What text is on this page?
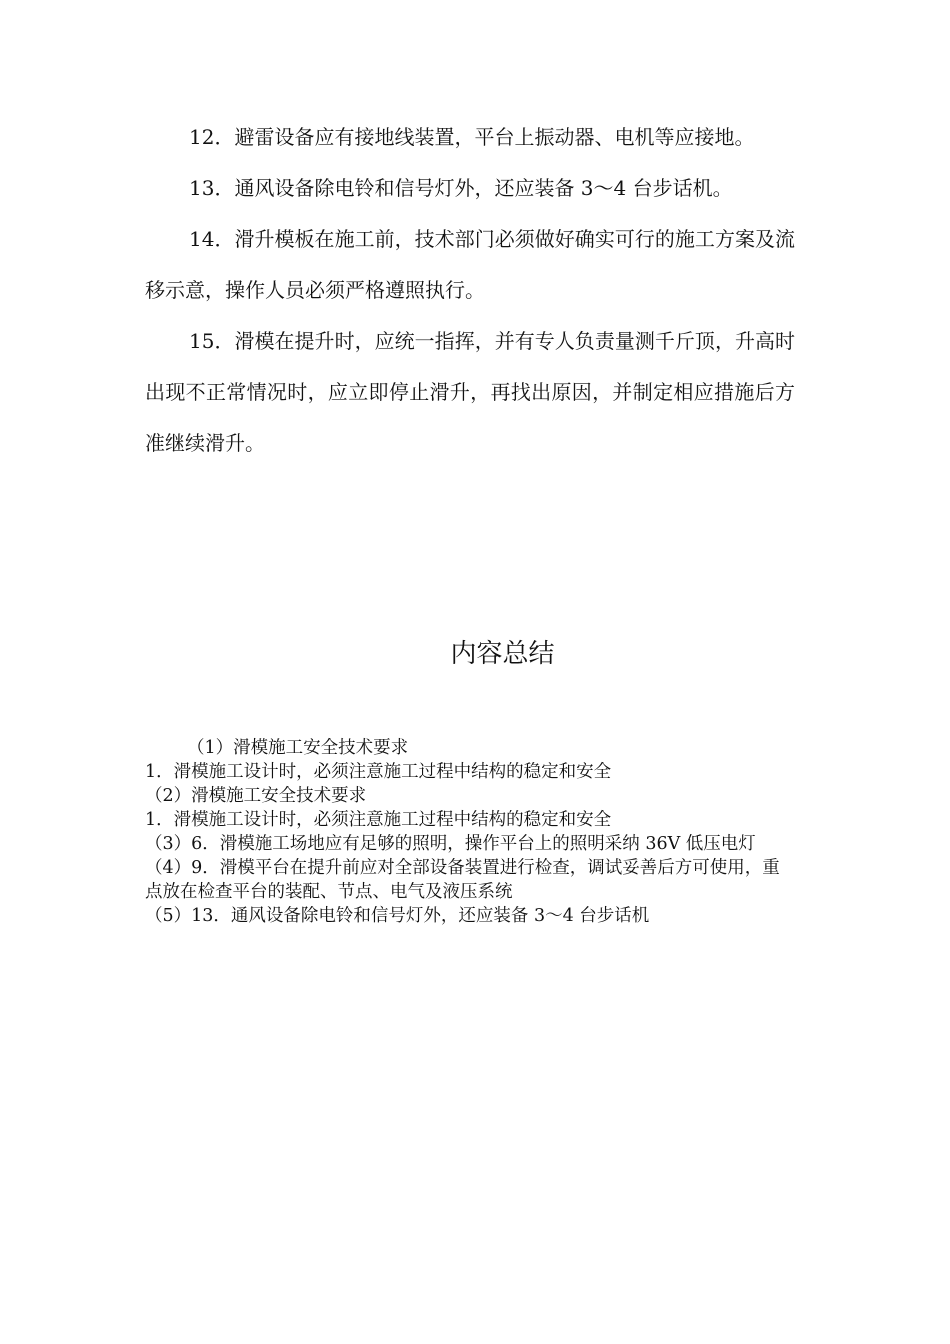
12．避雷设备应有接地线装置，平台上振动器、电机等应接地。

13．通风设备除电铃和信号灯外，还应装备 3～4 台步话机。

14．滑升模板在施工前，技术部门必须做好确实可行的施工方案及流移示意，操作人员必须严格遵照执行。

15．滑模在提升时，应统一指挥，并有专人负责量测千斤顶，升高时出现不正常情况时，应立即停止滑升，再找出原因，并制定相应措施后方准继续滑升。

内容总结
（1）滑模施工安全技术要求
1．滑模施工设计时，必须注意施工过程中结构的稳定和安全
（2）滑模施工安全技术要求
1．滑模施工设计时，必须注意施工过程中结构的稳定和安全
（3）6．滑模施工场地应有足够的照明，操作平台上的照明采纳 36V 低压电灯
（4）9．滑模平台在提升前应对全部设备装置进行检查，调试妥善后方可使用，重点放在检查平台的装配、节点、电气及液压系统
（5）13．通风设备除电铃和信号灯外，还应装备 3～4 台步话机
